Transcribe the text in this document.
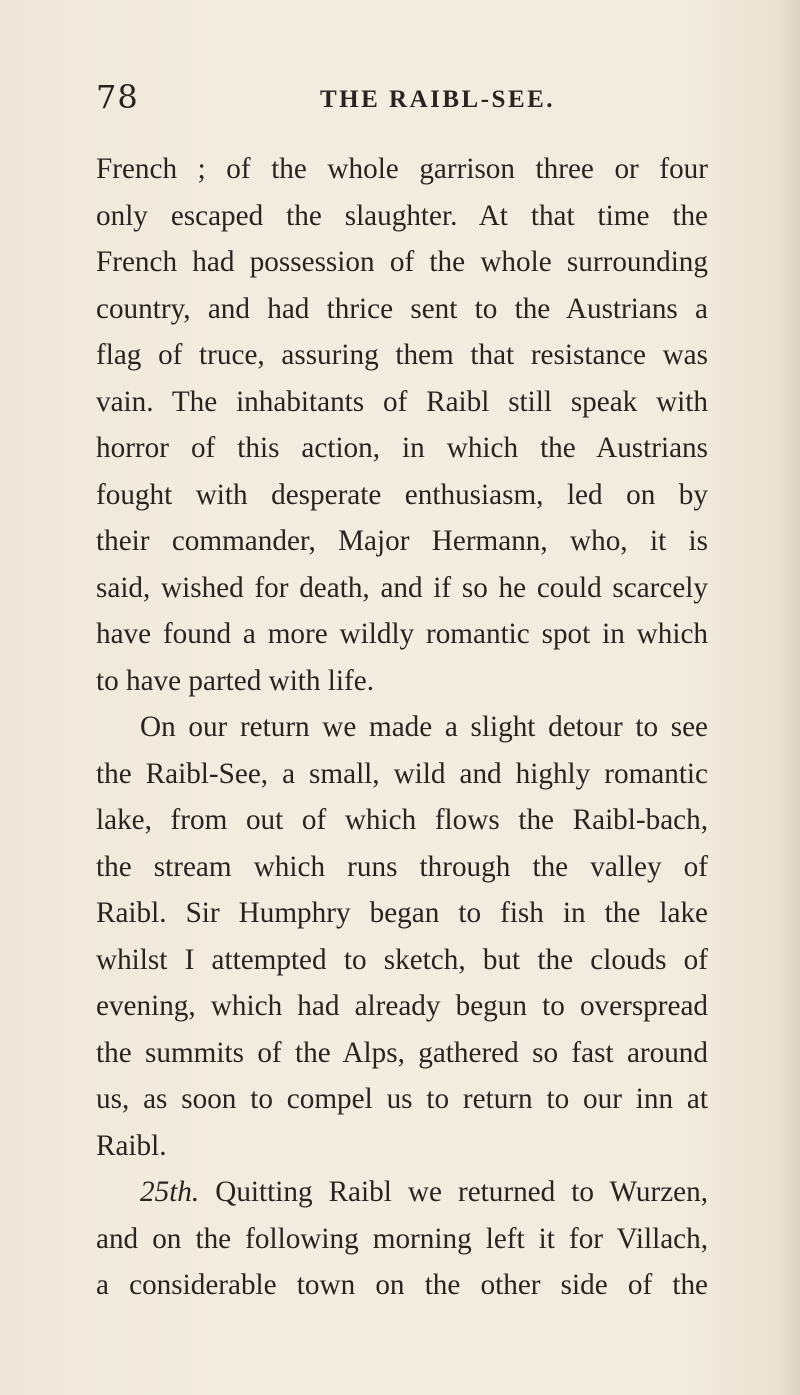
78	THE RAIBL-SEE.
French ; of the whole garrison three or four
only escaped the slaughter. At that time the
French had possession of the whole surrounding
country, and had thrice sent to the Austrians a
flag of truce, assuring them that resistance was
vain. The inhabitants of Raibl still speak with
horror of this action, in which the Austrians
fought with desperate enthusiasm, led on by
their commander, Major Hermann, who, it is
said, wished for death, and if so he could scarcely
have found a more wildly romantic spot in which
to have parted with life.
On our return we made a slight detour to see
the Raibl-See, a small, wild and highly romantic
lake, from out of which flows the Raibl-bach,
the stream which runs through the valley of
Raibl. Sir Humphry began to fish in the lake
whilst I attempted to sketch, but the clouds of
evening, which had already begun to overspread
the summits of the Alps, gathered so fast around
us, as soon to compel us to return to our inn at
Raibl.
25th. Quitting Raibl we returned to Wurzen,
and on the following morning left it for Villach,
a considerable town on the other side of the
